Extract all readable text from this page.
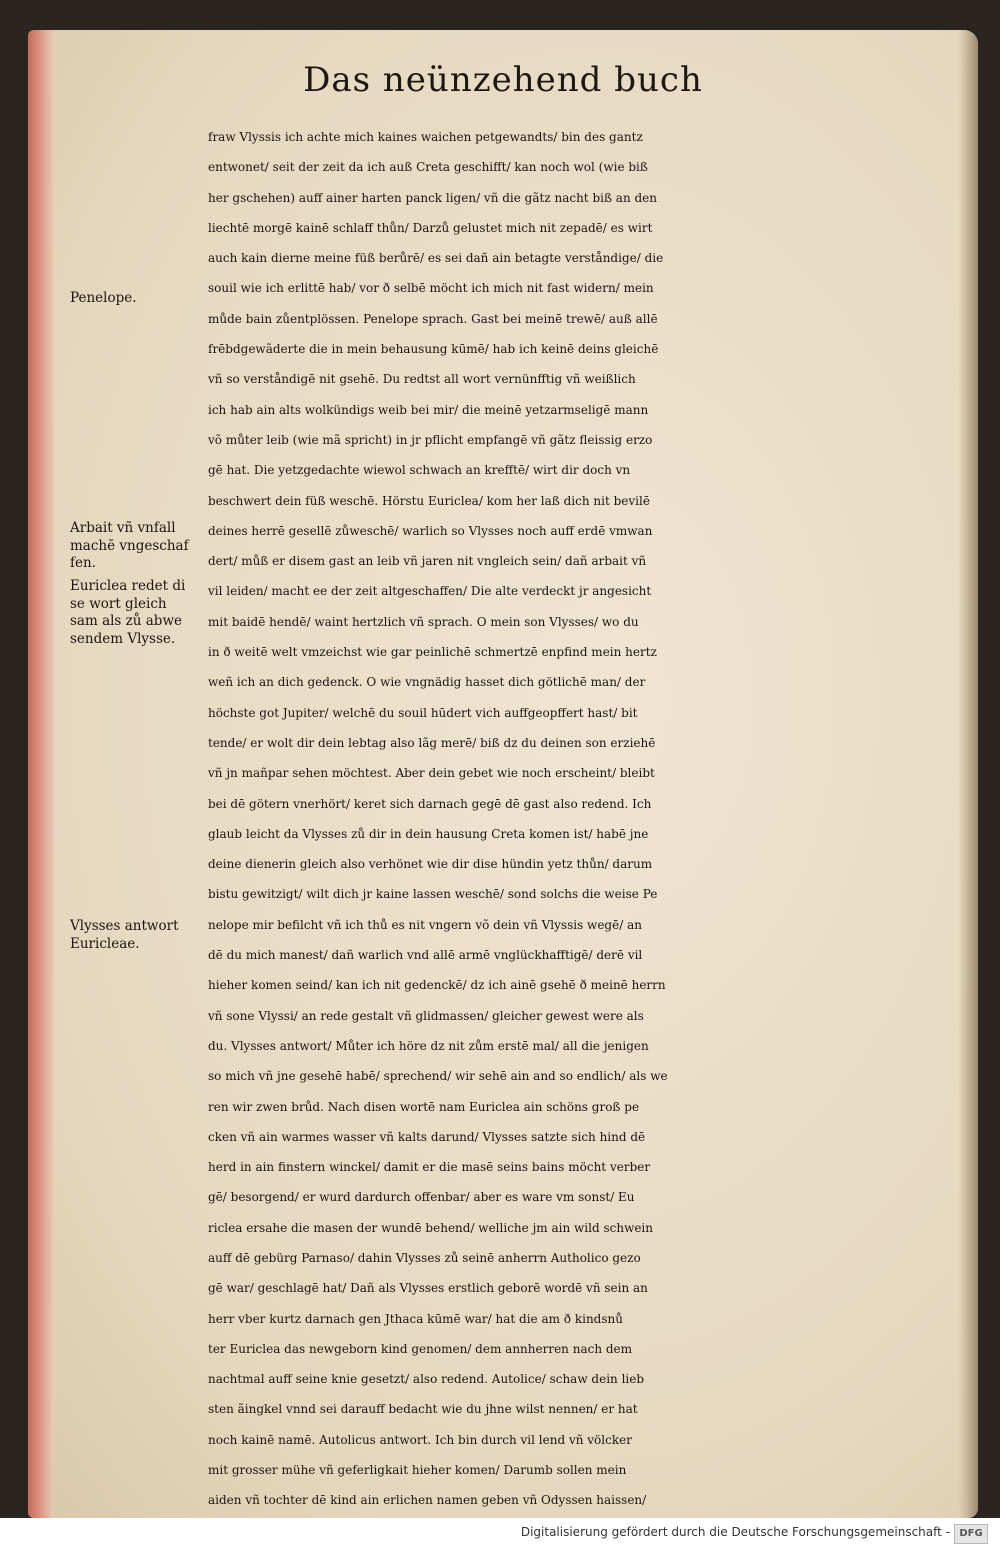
Das neünzehend buch
fraw Vlyssis ich achte mich kaines waichen petgewandts/ bin des gantz
entwonet/ seit der zeit da ich auß Creta geschifft/ kan noch wol (wie biß
her gschehen) auff ainer harten panck ligen/ vñ die gãtz nacht biß an den
liechtē morgē kainē schlaff thůn/ Darzů gelustet mich nit zepadē/ es wirt
auch kain dierne meine füß berůrē/ es sei dañ ain betagte verståndige/ die
souil wie ich erlittē hab/ vor ð selbē möcht ich mich nit fast widern/ mein
můde bain zůentplössen. Penelope sprach. Gast bei meinē trewē/ auß allē
frēbdgewãderte die in mein behausung kūmē/ hab ich keinē deins gleichē
vñ so verståndigē nit gsehē. Du redtst all wort vernünfftig vñ weißlich
ich hab ain alts wolkündigs weib bei mir/ die meinē yetzarmseligē mann
võ můter leib (wie mã spricht) in jr pflicht empfangē vñ gãtz fleissig erzo
gē hat. Die yetzgedachte wiewol schwach an krefftē/ wirt dir doch vn
beschwert dein füß weschē. Hörstu Euriclea/ kom her laß dich nit bevilē
deines herrē gesellē zůweschē/ warlich so Vlysses noch auff erdē vmwan
dert/ můß er disem gast an leib vñ jaren nit vngleich sein/ dañ arbait vñ
vil leiden/ macht ee der zeit altgeschaffen/ Die alte verdeckt jr angesicht
mit baidē hendē/ waint hertzlich vñ sprach. O mein son Vlysses/ wo du
in ð weitē welt vmzeichst wie gar peinlichē schmertzē enpfind mein hertz
weñ ich an dich gedenck. O wie vngnädig hasset dich götlichē man/ der
höchste got Jupiter/ welchē du souil hūdert vich auffgeopffert hast/ bit
tende/ er wolt dir dein lebtag also lãg merē/ biß dz du deinen son erziehē
vñ jn mañpar sehen möchtest. Aber dein gebet wie noch erscheint/ bleibt
bei dē götern vnerhört/ keret sich darnach gegē dē gast also redend. Ich
glaub leicht da Vlysses zů dir in dein hausung Creta komen ist/ habē jne
deine dienerin gleich also verhönet wie dir dise hündin yetz thůn/ darum
bistu gewitzigt/ wilt dich jr kaine lassen weschē/ sond solchs die weise Pe
nelope mir befilcht vñ ich thů es nit vngern võ dein vñ Vlyssis wegē/ an
dē du mich manest/ dañ warlich vnd allē armē vnglückhafftigē/ derē vil
hieher komen seind/ kan ich nit gedenckē/ dz ich ainē gsehē ð meinē herrn
vñ sone Vlyssi/ an rede gestalt vñ glidmassen/ gleicher gewest were als
du. Vlysses antwort/ Můter ich höre dz nit zům erstē mal/ all die jenigen
so mich vñ jne gesehē habē/ sprechend/ wir sehē ain and so endlich/ als we
ren wir zwen brůd. Nach disen wortē nam Euriclea ain schöns groß pe
cken vñ ain warmes wasser vñ kalts darund/ Vlysses satzte sich hind dē
herd in ain finstern winckel/ damit er die masē seins bains möcht verber
gē/ besorgend/ er wurd dardurch offenbar/ aber es ware vm sonst/ Eu
riclea ersahe die masen der wundē behend/ welliche jm ain wild schwein
auff dē gebürg Parnaso/ dahin Vlysses zů seinē anherrn Autholico gezo
gē war/ geschlagē hat/ Dañ als Vlysses erstlich geborē wordē vñ sein an
herr vber kurtz darnach gen Jthaca kūmē war/ hat die am ð kindsnů
ter Euriclea das newgeborn kind genomen/ dem annherren nach dem
nachtmal auff seine knie gesetzt/ also redend. Autolice/ schaw dein lieb
sten ãingkel vnnd sei darauff bedacht wie du jhne wilst nennen/ er hat
noch kainē namē. Autolicus antwort. Ich bin durch vil lend vñ völcker
mit grosser mühe vñ geferligkait hieher komen/ Darumb sollen mein
aiden vñ tochter dē kind ain erlichen namen geben vñ Odyssen haissen/
Penelope.
Arbait vñ vnfall
machē vngeschaf
fen.
Euriclea redet di
se wort gleich
sam als zů abwe
sendem Vlysse.
Vlysses antwort
Euricleae.
Digitalisierung gefördert durch die Deutsche Forschungsgemeinschaft - DFG
